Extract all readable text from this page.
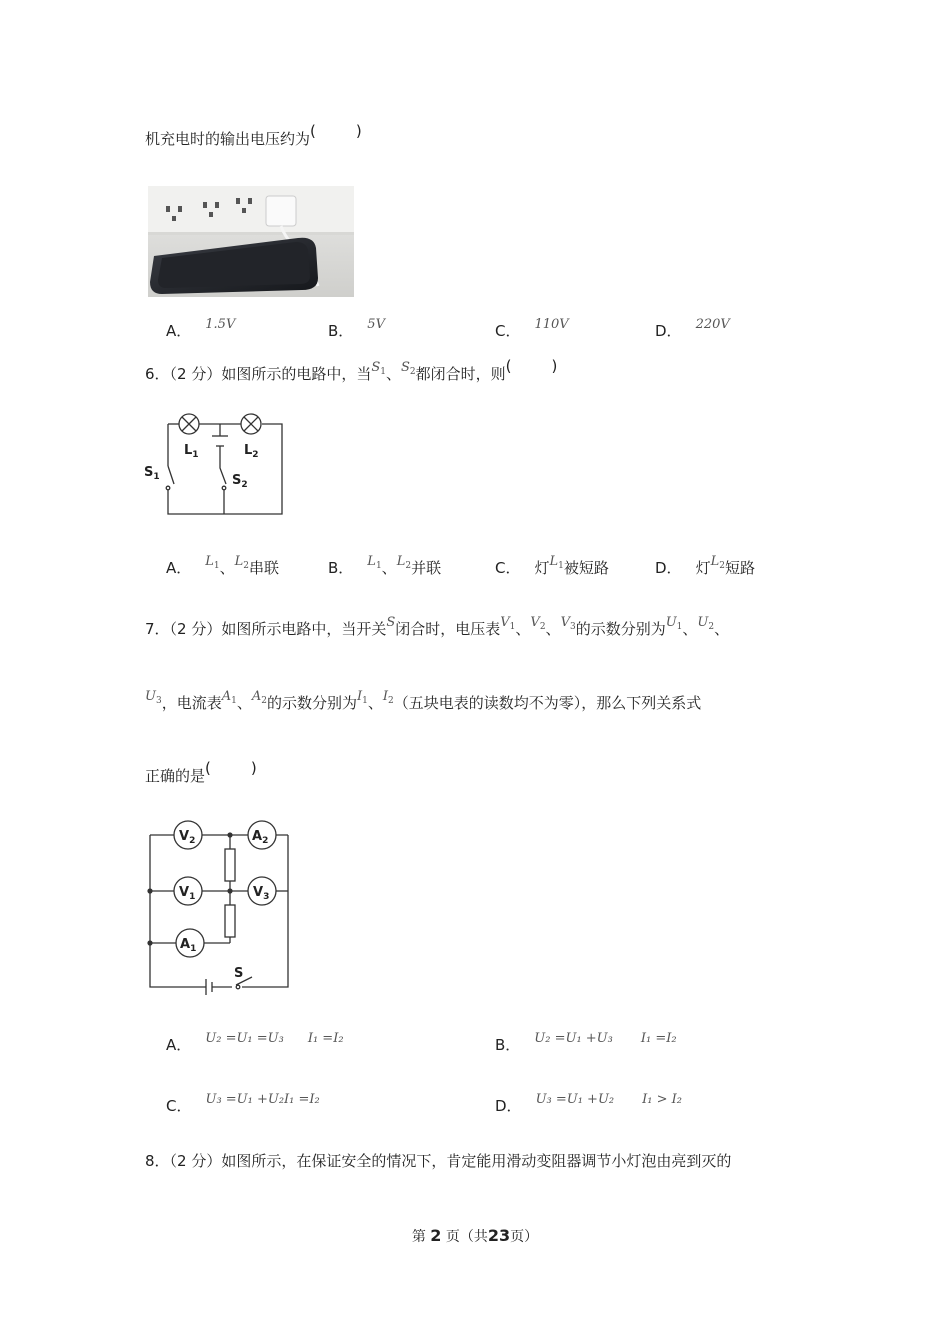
机充电时的输出电压约为(	)
A． 1.5V	B． 5V	C． 110V	D． 220V
6．（2 分）如图所示的电路中，当$S_1$、$S_2$都闭合时，则(	)
$L_1$	$L_2$
$S_1$	$S_2$
A． $L_1$、$L_2$串联	B． $L_1$、$L_2$并联	C． 灯$L_1$被短路	D． 灯$L_2$短路
7．（2 分）如图所示电路中，当开关S闭合时，电压表$V_1$、$V_2$、$V_3$的示数分别为$U_1$、$U_2$、
$U_3$，电流表$A_1$、$A_2$的示数分别为$I_1$、$I_2$（五块电表的读数均不为零），那么下列关系式
正确的是(	)
$V_2$	$A_2$
$V_1$	$V_3$
$A_1$
S
A． U₂ =U₁ =U₃ I₁ =I₂	B． U₂ =U₁ +U₃ I₁ =I₂
C． U₃ =U₁ +U₂I₁ =I₂	D． U₃ =U₁ +U₂ I₁ > I₂
8．（2 分）如图所示，在保证安全的情况下，肯定能用滑动变阻器调节小灯泡由亮到灭的
第 2 页（共23页）
